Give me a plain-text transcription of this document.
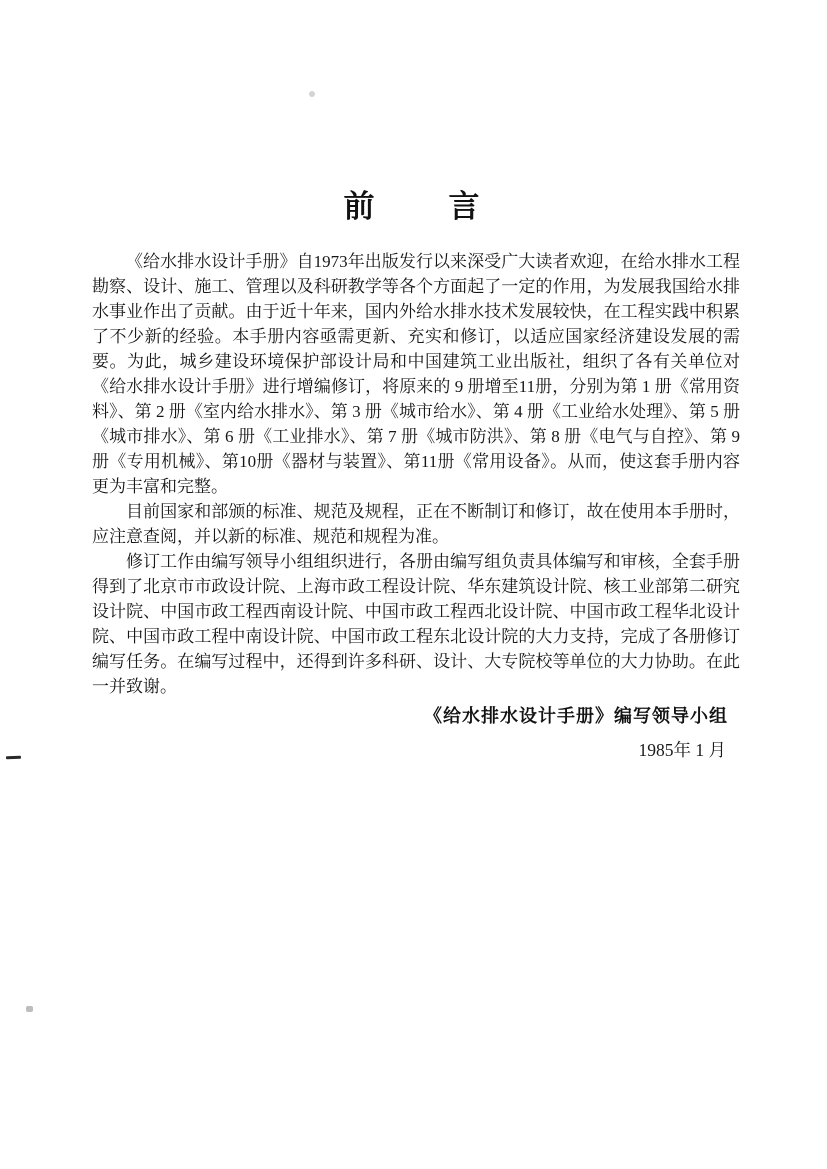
前　　言

《给水排水设计手册》自1973年出版发行以来深受广大读者欢迎，在给水排水工程勘察、设计、施工、管理以及科研教学等各个方面起了一定的作用，为发展我国给水排水事业作出了贡献。由于近十年来，国内外给水排水技术发展较快，在工程实践中积累了不少新的经验。本手册内容亟需更新、充实和修订，以适应国家经济建设发展的需要。为此，城乡建设环境保护部设计局和中国建筑工业出版社，组织了各有关单位对《给水排水设计手册》进行增编修订，将原来的 9 册增至11册，分别为第 1 册《常用资料》、第 2 册《室内给水排水》、第 3 册《城市给水》、第 4 册《工业给水处理》、第 5 册《城市排水》、第 6 册《工业排水》、第 7 册《城市防洪》、第 8 册《电气与自控》、第 9 册《专用机械》、第10册《器材与装置》、第11册《常用设备》。从而，使这套手册内容更为丰富和完整。

目前国家和部颁的标准、规范及规程，正在不断制订和修订，故在使用本手册时，应注意查阅，并以新的标准、规范和规程为准。

修订工作由编写领导小组组织进行，各册由编写组负责具体编写和审核，全套手册得到了北京市市政设计院、上海市政工程设计院、华东建筑设计院、核工业部第二研究设计院、中国市政工程西南设计院、中国市政工程西北设计院、中国市政工程华北设计院、中国市政工程中南设计院、中国市政工程东北设计院的大力支持，完成了各册修订编写任务。在编写过程中，还得到许多科研、设计、大专院校等单位的大力协助。在此一并致谢。

《给水排水设计手册》编写领导小组
1985年 1 月
